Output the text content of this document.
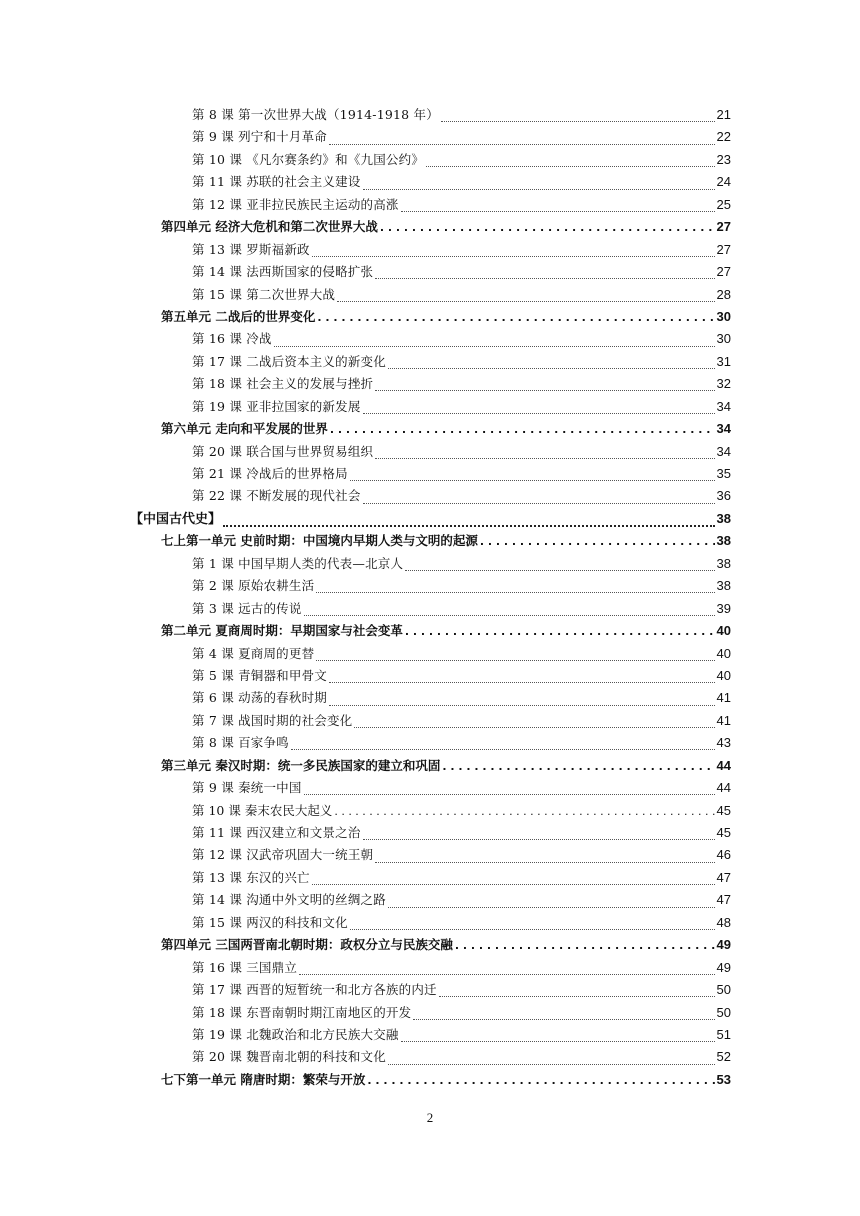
第 8 课 第一次世界大战（1914-1918 年）	21
第 9 课 列宁和十月革命	22
第 10 课 《凡尔赛条约》和《九国公约》	23
第 11 课 苏联的社会主义建设	24
第 12 课 亚非拉民族民主运动的高涨	25
第四单元 经济大危机和第二次世界大战 . . .	27
第 13 课 罗斯福新政	27
第 14 课 法西斯国家的侵略扩张	27
第 15 课 第二次世界大战	28
第五单元 二战后的世界变化 . . .	30
第 16 课 冷战	30
第 17 课 二战后资本主义的新变化	31
第 18 课 社会主义的发展与挫折	32
第 19 课 亚非拉国家的新发展	34
第六单元 走向和平发展的世界 . . .	34
第 20 课 联合国与世界贸易组织	34
第 21 课 冷战后的世界格局	35
第 22 课 不断发展的现代社会	36
【中国古代史】	38
七上第一单元 史前时期：中国境内早期人类与文明的起源 . . .	38
第 1 课 中国早期人类的代表—北京人	38
第 2 课 原始农耕生活	38
第 3 课 远古的传说	39
第二单元 夏商周时期：早期国家与社会变革 . . .	40
第 4 课 夏商周的更替	40
第 5 课 青铜器和甲骨文	40
第 6 课 动荡的春秋时期	41
第 7 课 战国时期的社会变化	41
第 8 课 百家争鸣	43
第三单元 秦汉时期：统一多民族国家的建立和巩固 . . .	44
第 9 课 秦统一中国	44
第 10 课 秦末农民大起义 . . .	45
第 11 课 西汉建立和文景之治	45
第 12 课 汉武帝巩固大一统王朝	46
第 13 课 东汉的兴亡	47
第 14 课 沟通中外文明的丝绸之路	47
第 15 课 两汉的科技和文化	48
第四单元 三国两晋南北朝时期：政权分立与民族交融 . . .	49
第 16 课 三国鼎立	49
第 17 课 西晋的短暂统一和北方各族的内迁	50
第 18 课 东晋南朝时期江南地区的开发	50
第 19 课 北魏政治和北方民族大交融	51
第 20 课 魏晋南北朝的科技和文化	52
七下第一单元 隋唐时期：繁荣与开放 . . .	53
2
